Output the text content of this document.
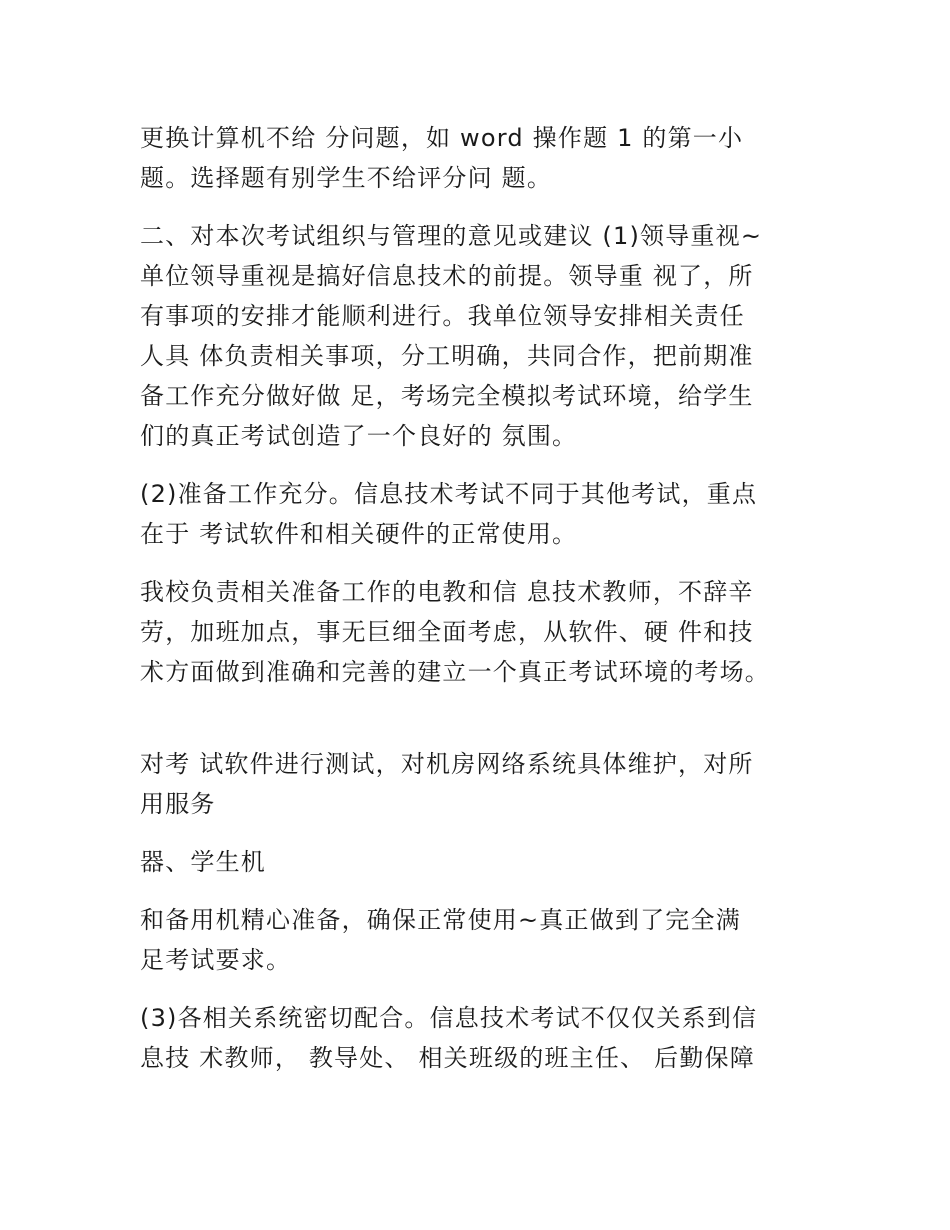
更换计算机不给 分问题，如 word 操作题 1 的第一小
题。选择题有别学生不给评分问 题。

二、对本次考试组织与管理的意见或建议 (1)领导重视~
单位领导重视是搞好信息技术的前提。领导重 视了，所
有事项的安排才能顺利进行。我单位领导安排相关责任
人具 体负责相关事项，分工明确，共同合作，把前期准
备工作充分做好做 足，考场完全模拟考试环境，给学生
们的真正考试创造了一个良好的 氛围。

(2)准备工作充分。信息技术考试不同于其他考试，重点
在于 考试软件和相关硬件的正常使用。

我校负责相关准备工作的电教和信 息技术教师，不辞辛
劳，加班加点，事无巨细全面考虑，从软件、硬 件和技
术方面做到准确和完善的建立一个真正考试环境的考场。

对考 试软件进行测试，对机房网络系统具体维护，对所
用服务

器、学生机

和备用机精心准备，确保正常使用~真正做到了完全满
足考试要求。

(3)各相关系统密切配合。信息技术考试不仅仅关系到信
息技 术教师， 教导处、 相关班级的班主任、 后勤保障
